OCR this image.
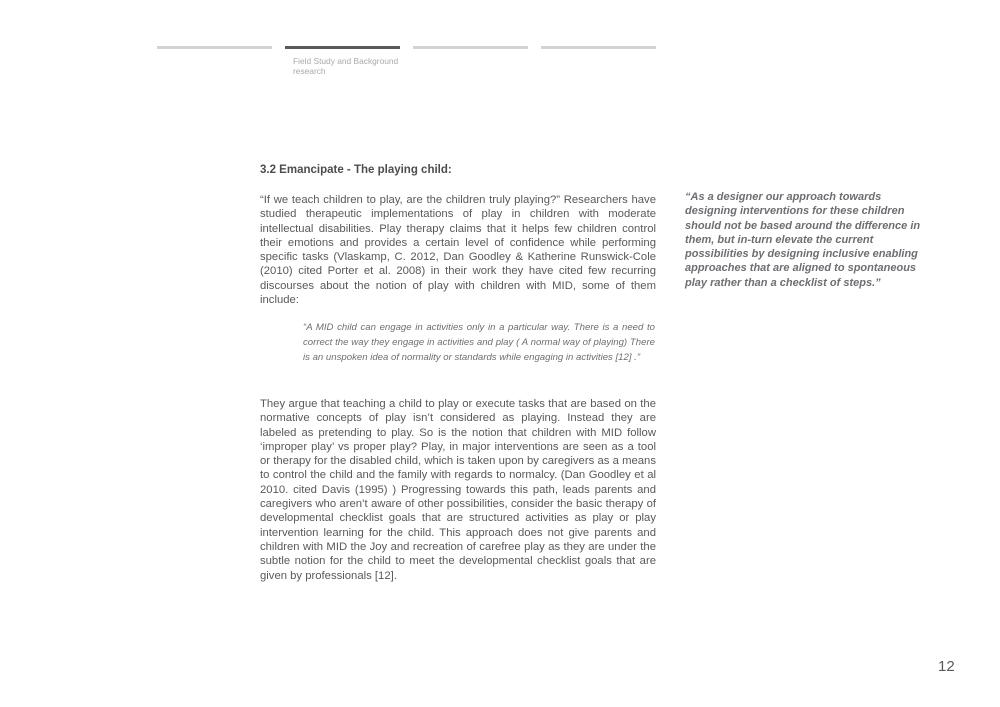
Field Study and Background research
3.2 Emancipate - The playing child:

“If we teach children to play, are the children truly playing?” Researchers have studied therapeutic implementations of play in children with moderate intellectual disabilities. Play therapy claims that it helps few children control their emotions and provides a certain level of confidence while performing specific tasks (Vlaskamp, C. 2012, Dan Goodley & Katherine Runswick-Cole (2010) cited Porter et al. 2008) in their work they have cited few recurring discourses about the notion of play with children with MID, some of them include:

“A MID child can engage in activities only in a particular way. There is a need to correct the way they engage in activities and play ( A normal way of playing) There is an unspoken idea of normality or standards while engaging in activities [12] .”

They argue that teaching a child to play or execute tasks that are based on the normative concepts of play isn’t considered as playing. Instead they are labeled as pretending to play. So is the notion that children with MID follow ‘improper play’ vs proper play? Play, in major interventions are seen as a tool or therapy for the disabled child, which is taken upon by caregivers as a means to control the child and the family with regards to normalcy. (Dan Goodley et al 2010. cited Davis (1995) ) Progressing towards this path, leads parents and caregivers who aren’t aware of other possibilities, consider the basic therapy of developmental checklist goals that are structured activities as play or play intervention learning for the child. This approach does not give parents and children with MID the Joy and recreation of carefree play as they are under the subtle notion for the child to meet the developmental checklist goals that are given by professionals [12].

“As a designer our approach towards designing interventions for these children should not be based around the difference in them, but in-turn elevate the current possibilities by designing inclusive enabling approaches that are aligned to spontaneous play rather than a checklist of steps.”

12
